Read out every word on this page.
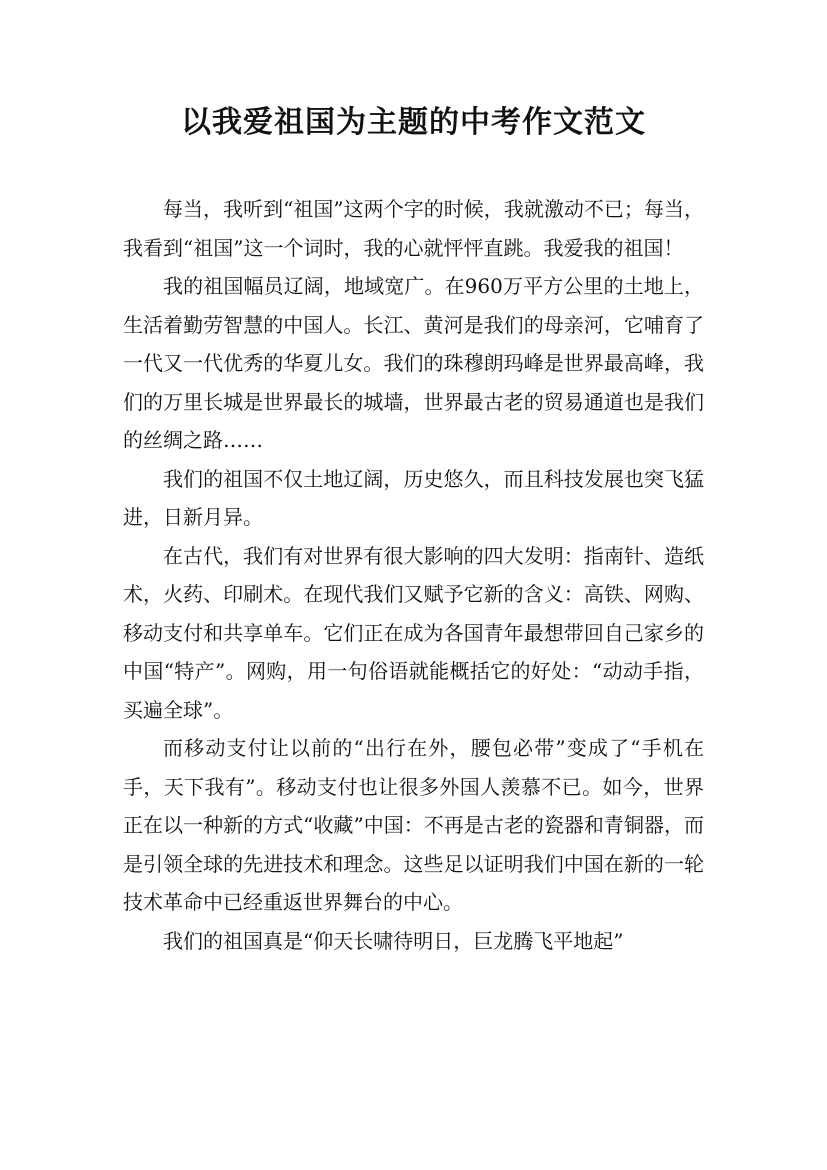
以我爱祖国为主题的中考作文范文

每当，我听到“祖国”这两个字的时候，我就激动不已；每当，我看到“祖国”这一个词时，我的心就怦怦直跳。我爱我的祖国！

我的祖国幅员辽阔，地域宽广。在960万平方公里的土地上，生活着勤劳智慧的中国人。长江、黄河是我们的母亲河，它哺育了一代又一代优秀的华夏儿女。我们的珠穆朗玛峰是世界最高峰，我们的万里长城是世界最长的城墙，世界最古老的贸易通道也是我们的丝绸之路……

我们的祖国不仅土地辽阔，历史悠久，而且科技发展也突飞猛进，日新月异。

在古代，我们有对世界有很大影响的四大发明：指南针、造纸术，火药、印刷术。在现代我们又赋予它新的含义：高铁、网购、移动支付和共享单车。它们正在成为各国青年最想带回自己家乡的中国“特产”。网购，用一句俗语就能概括它的好处：“动动手指，买遍全球”。

而移动支付让以前的“出行在外，腰包必带”变成了“手机在手，天下我有”。移动支付也让很多外国人羡慕不已。如今，世界正在以一种新的方式“收藏”中国：不再是古老的瓷器和青铜器，而是引领全球的先进技术和理念。这些足以证明我们中国在新的一轮技术革命中已经重返世界舞台的中心。

我们的祖国真是“仰天长啸待明日，巨龙腾飞平地起”
